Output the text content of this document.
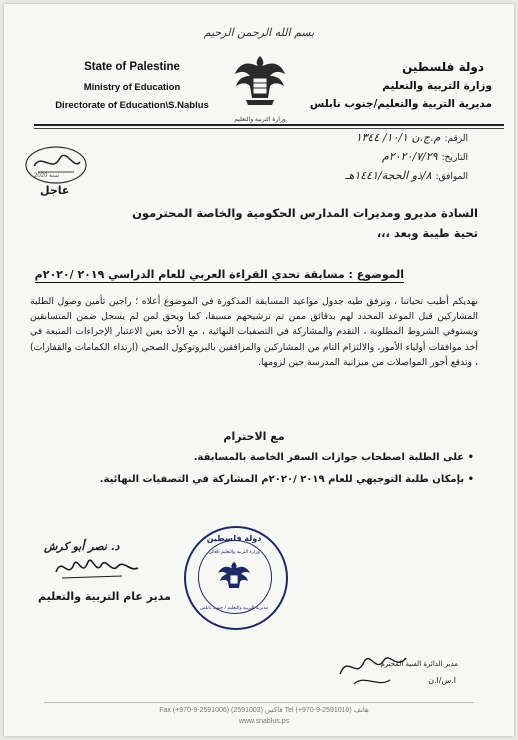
بسم الله الرحمن الرحيم
State of Palestine
Ministry of Education
Directorate of Education\S.Nablus
وزارة التربية والتعليم
دولة فلسطين
وزارة التربية والتعليم
مديرية التربية والتعليم/جنوب نابلس
الرقم:م.ج.ن ١٠/١/ ١٣٤٤
التاريخ:٢٠٢٠/٧/٢٩م
الموافق:٨/ذو الحجة/١٤٤١هـ
سنة 2020
عاجل
السادة مديرو ومديرات المدارس الحكومية والخاصة المحترمون
تحية طيبة وبعد ،،،
الموضوع : مسابقة تحدي القراءة العربي للعام الدراسي ٢٠١٩ /٢٠٢٠م
نهديكم أطيب تحياتنا ، ونرفق طيه جدول مواعيد المسابقة المذكورة في الموضوع أعلاه ؛ راجين تأمين وصول الطلبة المشاركين قبل الموعد المحدد لهم بدقائق ممن تم ترشيحهم مسبقا، كما ويحق لمن لم يسجل ضمن المتسابقين ويستوفي الشروط المطلوبة ، التقدم والمشاركة في التصفيات النهائية ، مع الأخذ بعين الاعتبار الإجراءات المتبعة في أخذ موافقات أولياء الأمور، والالتزام التام من المشاركين والمرافقين بالبروتوكول الصحي (ارتداء الكمامات والقفازات) ، وتدفع أجور المواصلات من ميزانية المدرسة حين لزومها.
مع الاحترام
• على الطلبة اصطحاب جوازات السفر الخاصة بالمسابقة.
• بإمكان طلبة التوجيهي للعام ٢٠١٩ /٢٠٢٠م المشاركة في التصفيات النهائية.
دولة فلسطين
وزارة التربية والتعليم العالي
مديرية التربية والتعليم / جنوب نابلس
د. نصر أبو كرش
مدير عام التربية والتعليم
مدير الدائرة الفنية المحترم
ا.س/ا.ن
Fax (+970-9-2591006) فاكس (2591003) Tel (+970-9-2591010) هاتف
www.snablus.ps
